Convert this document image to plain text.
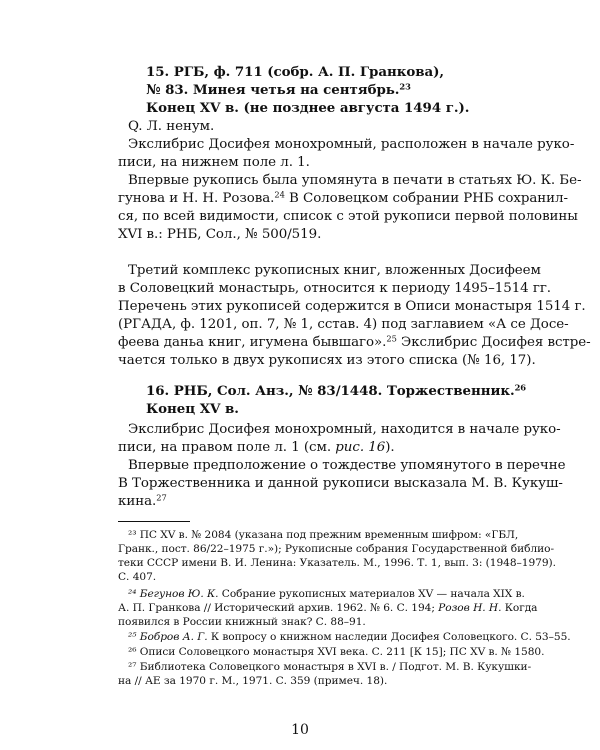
15. РГБ, ф. 711 (собр. А. П. Гранкова),
№ 83. Минея четья на сентябрь.$^{23}$
Конец XV в. (не позднее августа 1494 г.).
Q. Л. ненум.
Экслибрис Досифея монохромный, расположен в начале руко-
писи, на нижнем поле л. 1.
Впервые рукопись была упомянута в печати в статьях Ю. К. Бе-
гунова и Н. Н. Розова.$^{24}$ В Соловецком собрании РНБ сохранил-
ся, по всей видимости, список с этой рукописи первой половины
XVI в.: РНБ, Сол., № 500/519.
Третий комплекс рукописных книг, вложенных Досифеем
в Соловецкий монастырь, относится к периоду 1495–1514 гг.
Перечень этих рукописей содержится в Описи монастыря 1514 г.
(РГАДА, ф. 1201, оп. 7, № 1, сстав. 4) под заглавием «А се Досе-
феева даньа книг, игумена бывшаго».$^{25}$ Экслибрис Досифея встре-
чается только в двух рукописях из этого списка (№ 16, 17).
16. РНБ, Сол. Анз., № 83/1448. Торжественник.$^{26}$
Конец XV в.
Экслибрис Досифея монохромный, находится в начале руко-
писи, на правом поле л. 1 (см. рис. 16).
Впервые предположение о тождестве упомянутого в перечне
В Торжественника и данной рукописи высказала М. В. Кукуш-
кина.$^{27}$
²³ ПС XV в. № 2084 (указана под прежним временным шифром: «ГБЛ,
Гранк., пост. 86/22–1975 г.»); Рукописные собрания Государственной библио-
теки СССР имени В. И. Ленина: Указатель. М., 1996. Т. 1, вып. 3: (1948–1979).
С. 407.
²⁴ Бегунов Ю. К. Собрание рукописных материалов XV — начала XIX в.
А. П. Гранкова // Исторический архив. 1962. № 6. С. 194; Розов Н. Н. Когда
появился в России книжный знак? С. 88–91.
²⁵ Бобров А. Г. К вопросу о книжном наследии Досифея Соловецкого. С. 53–55.
²⁶ Описи Соловецкого монастыря XVI века. С. 211 [К 15]; ПС XV в. № 1580.
²⁷ Библиотека Соловецкого монастыря в XVI в. / Подгот. М. В. Кукушки-
на // АЕ за 1970 г. М., 1971. С. 359 (примеч. 18).
10
